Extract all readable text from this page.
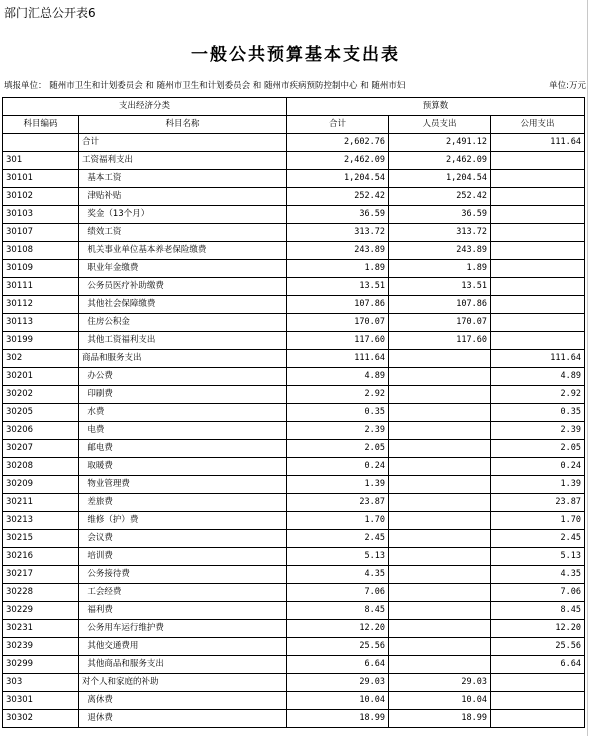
部门汇总公开表6
一般公共预算基本支出表
填报单位： 随州市卫生和计划委员会 和 随州市卫生和计划委员会 和 随州市疾病预防控制中心 和 随州市妇	单位:万元
支出经济分类		预算数		
科目编码	科目名称	合计	人员支出	公用支出
	合计	2,602.76	2,491.12	111.64
301	工资福利支出	2,462.09	2,462.09	
30101	基本工资	1,204.54	1,204.54	
30102	津贴补贴	252.42	252.42	
30103	奖金（13个月）	36.59	36.59	
30107	绩效工资	313.72	313.72	
30108	机关事业单位基本养老保险缴费	243.89	243.89	
30109	职业年金缴费	1.89	1.89	
30111	公务员医疗补助缴费	13.51	13.51	
30112	其他社会保障缴费	107.86	107.86	
30113	住房公积金	170.07	170.07	
30199	其他工资福利支出	117.60	117.60	
302	商品和服务支出	111.64		111.64
30201	办公费	4.89		4.89
30202	印刷费	2.92		2.92
30205	水费	0.35		0.35
30206	电费	2.39		2.39
30207	邮电费	2.05		2.05
30208	取暖费	0.24		0.24
30209	物业管理费	1.39		1.39
30211	差旅费	23.87		23.87
30213	维修（护）费	1.70		1.70
30215	会议费	2.45		2.45
30216	培训费	5.13		5.13
30217	公务接待费	4.35		4.35
30228	工会经费	7.06		7.06
30229	福利费	8.45		8.45
30231	公务用车运行维护费	12.20		12.20
30239	其他交通费用	25.56		25.56
30299	其他商品和服务支出	6.64		6.64
303	对个人和家庭的补助	29.03	29.03	
30301	离休费	10.04	10.04	
30302	退休费	18.99	18.99	
